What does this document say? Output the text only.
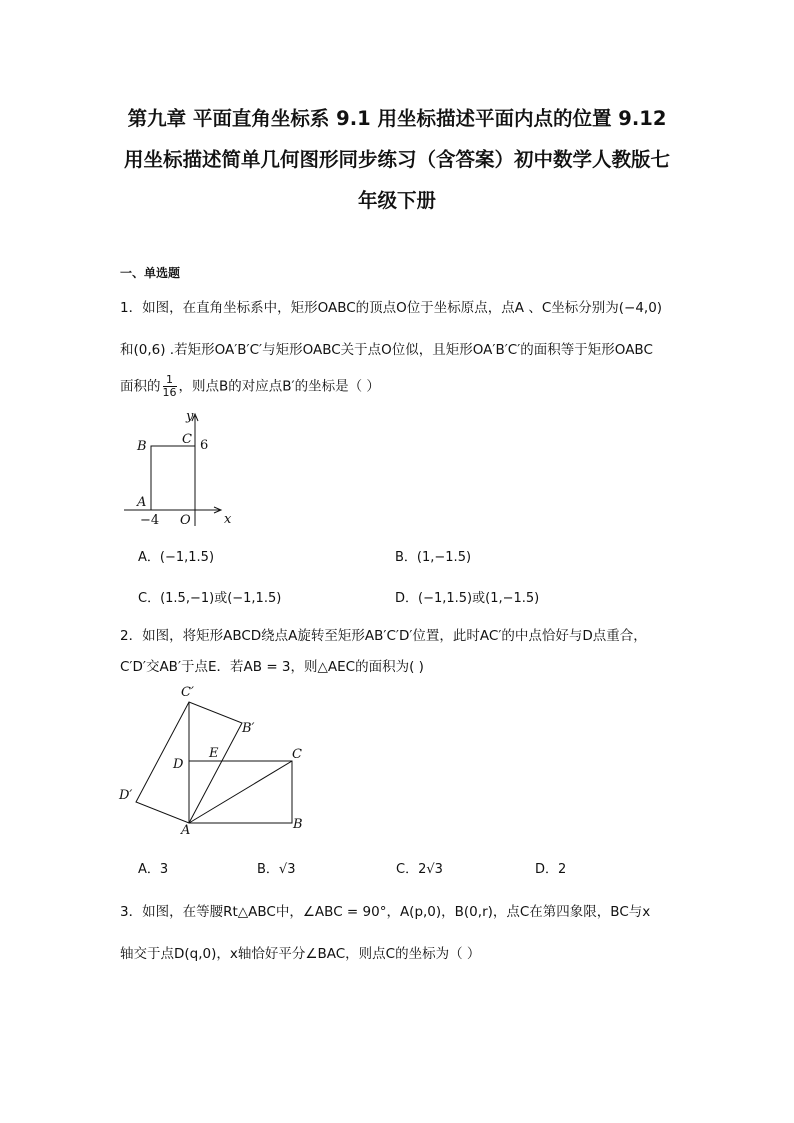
第九章 平面直角坐标系 9.1 用坐标描述平面内点的位置 9.12
用坐标描述简单几何图形同步练习（含答案）初中数学人教版七
年级下册
一、单选题
1．如图，在直角坐标系中，矩形OABC的顶点O位于坐标原点，点A 、C坐标分别为(−4,0)
和(0,6) .若矩形OA′B′C′与矩形OABC关于点O位似，且矩形OA′B′C′的面积等于矩形OABC
面积的 $\frac{1}{16}$ ，则点B的对应点B′的坐标是（ ）
y
x
B	C 6
A
−4 O
A．(−1,1.5)	B．(1,−1.5)
C．(1.5,−1)或(−1,1.5)	D．(−1,1.5)或(1,−1.5)
2．如图，将矩形ABCD绕点A旋转至矩形AB′C′D′位置，此时AC′的中点恰好与D点重合，
C′D′交AB′于点E．若AB = 3，则△AEC的面积为( )
C′
B′
E	C
D
D′
A	B
A．3	B．√3	C．2√3	D．2
3．如图，在等腰Rt△ABC中，∠ABC = 90°，A(p,0)，B(0,r)，点C在第四象限，BC与x
轴交于点D(q,0)，x轴恰好平分∠BAC，则点C的坐标为（ ）
